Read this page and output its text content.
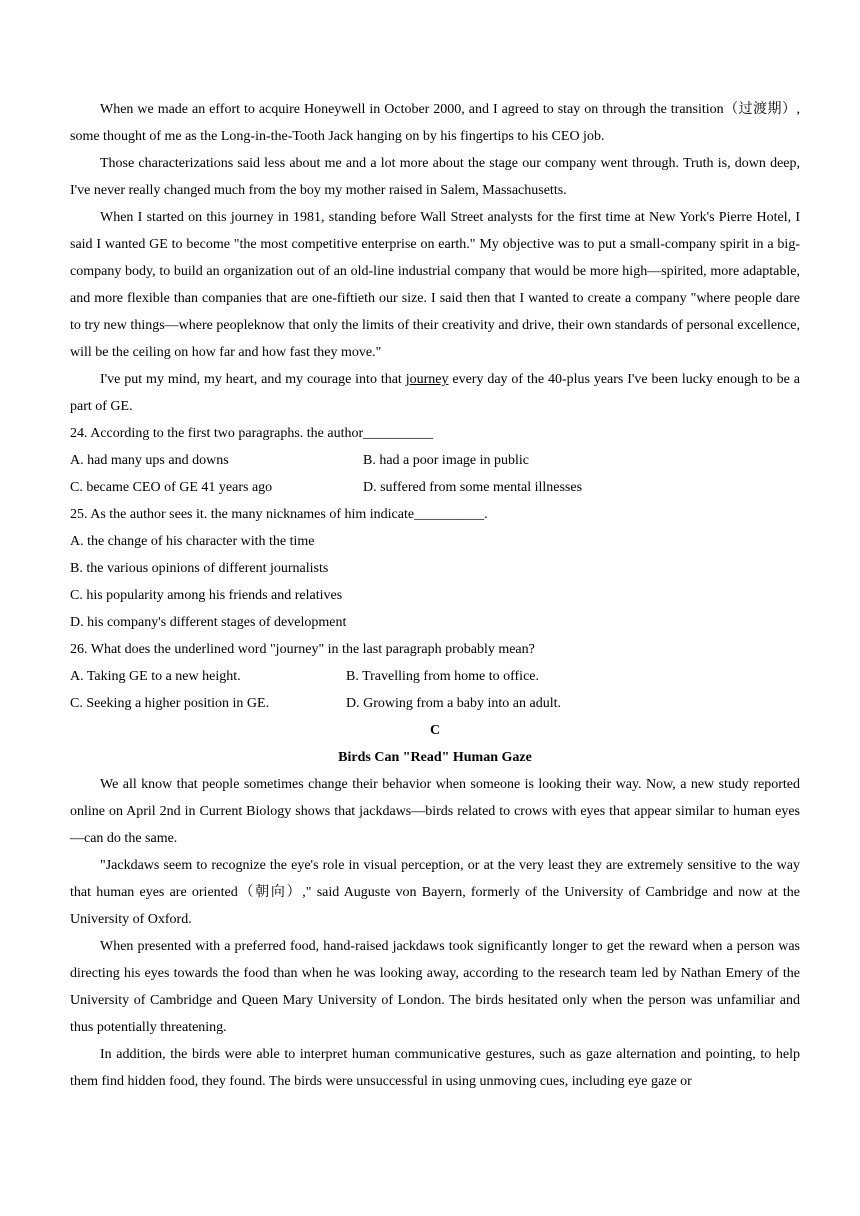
When we made an effort to acquire Honeywell in October 2000, and I agreed to stay on through the transition（过渡期）, some thought of me as the Long-in-the-Tooth Jack hanging on by his fingertips to his CEO job.

Those characterizations said less about me and a lot more about the stage our company went through. Truth is, down deep, I've never really changed much from the boy my mother raised in Salem, Massachusetts.

When I started on this journey in 1981, standing before Wall Street analysts for the first time at New York's Pierre Hotel, I said I wanted GE to become "the most competitive enterprise on earth." My objective was to put a small-company spirit in a big-company body, to build an organization out of an old-line industrial company that would be more high—spirited, more adaptable, and more flexible than companies that are one-fiftieth our size. I said then that I wanted to create a company "where people dare to try new things—where peopleknow that only the limits of their creativity and drive, their own standards of personal excellence, will be the ceiling on how far and how fast they move."

I've put my mind, my heart, and my courage into that journey every day of the 40-plus years I've been lucky enough to be a part of GE.

24. According to the first two paragraphs. the author__________

A. had many ups and downs	B. had a poor image in public
C. became CEO of GE 41 years ago	D. suffered from some mental illnesses

25. As the author sees it. the many nicknames of him indicate__________.

A. the change of his character with the time

B. the various opinions of different journalists

C. his popularity among his friends and relatives

D. his company's different stages of development

26. What does the underlined word "journey" in the last paragraph probably mean?

A. Taking GE to a new height.	B. Travelling from home to office.
C. Seeking a higher position in GE.	D. Growing from a baby into an adult.

C

Birds Can "Read" Human Gaze

We all know that people sometimes change their behavior when someone is looking their way. Now, a new study reported online on April 2nd in Current Biology shows that jackdaws—birds related to crows with eyes that appear similar to human eyes—can do the same.

"Jackdaws seem to recognize the eye's role in visual perception, or at the very least they are extremely sensitive to the way that human eyes are oriented（朝向）," said Auguste von Bayern, formerly of the University of Cambridge and now at the University of Oxford.

When presented with a preferred food, hand-raised jackdaws took significantly longer to get the reward when a person was directing his eyes towards the food than when he was looking away, according to the research team led by Nathan Emery of the University of Cambridge and Queen Mary University of London. The birds hesitated only when the person was unfamiliar and thus potentially threatening.

In addition, the birds were able to interpret human communicative gestures, such as gaze alternation and pointing, to help them find hidden food, they found. The birds were unsuccessful in using unmoving cues, including eye gaze or
